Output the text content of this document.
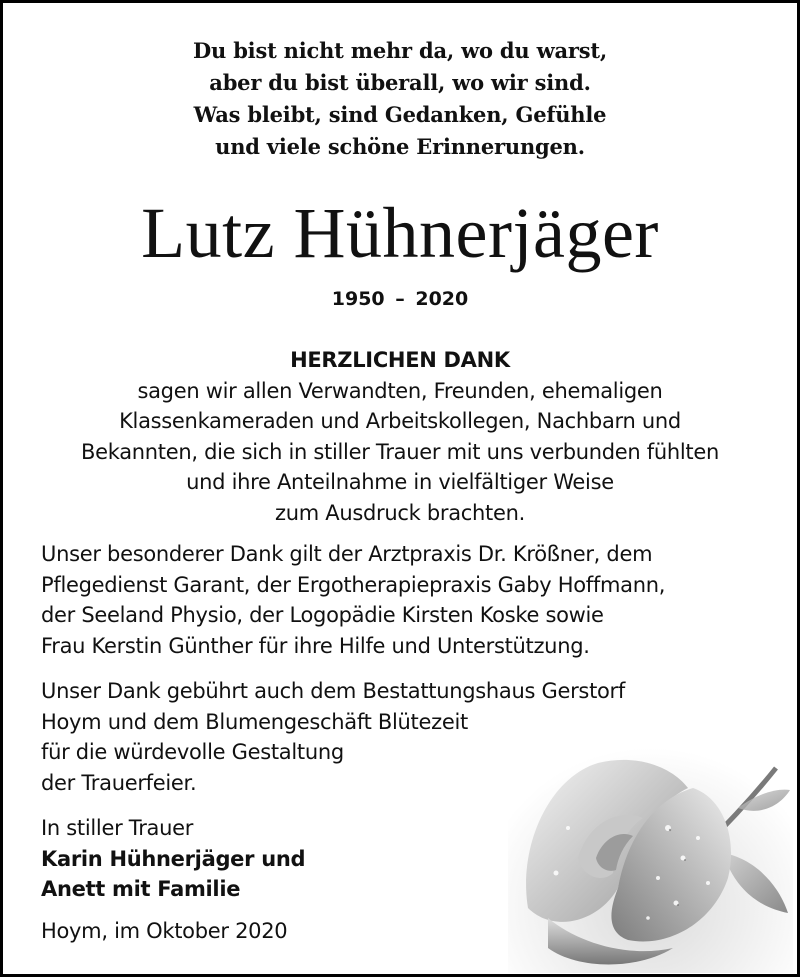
Du bist nicht mehr da, wo du warst,
aber du bist überall, wo wir sind.
Was bleibt, sind Gedanken, Gefühle
und viele schöne Erinnerungen.
Lutz Hühnerjäger
1950 – 2020
HERZLICHEN DANK
sagen wir allen Verwandten, Freunden, ehemaligen
Klassenkameraden und Arbeitskollegen, Nachbarn und
Bekannten, die sich in stiller Trauer mit uns verbunden fühlten
und ihre Anteilnahme in vielfältiger Weise
zum Ausdruck brachten.
Unser besonderer Dank gilt der Arztpraxis Dr. Krößner, dem
Pflegedienst Garant, der Ergotherapiepraxis Gaby Hoffmann,
der Seeland Physio, der Logopädie Kirsten Koske sowie
Frau Kerstin Günther für ihre Hilfe und Unterstützung.
Unser Dank gebührt auch dem Bestattungshaus Gerstorf
Hoym und dem Blumengeschäft Blütezeit
für die würdevolle Gestaltung
der Trauerfeier.
In stiller Trauer
Karin Hühnerjäger und
Anett mit Familie
Hoym, im Oktober 2020
